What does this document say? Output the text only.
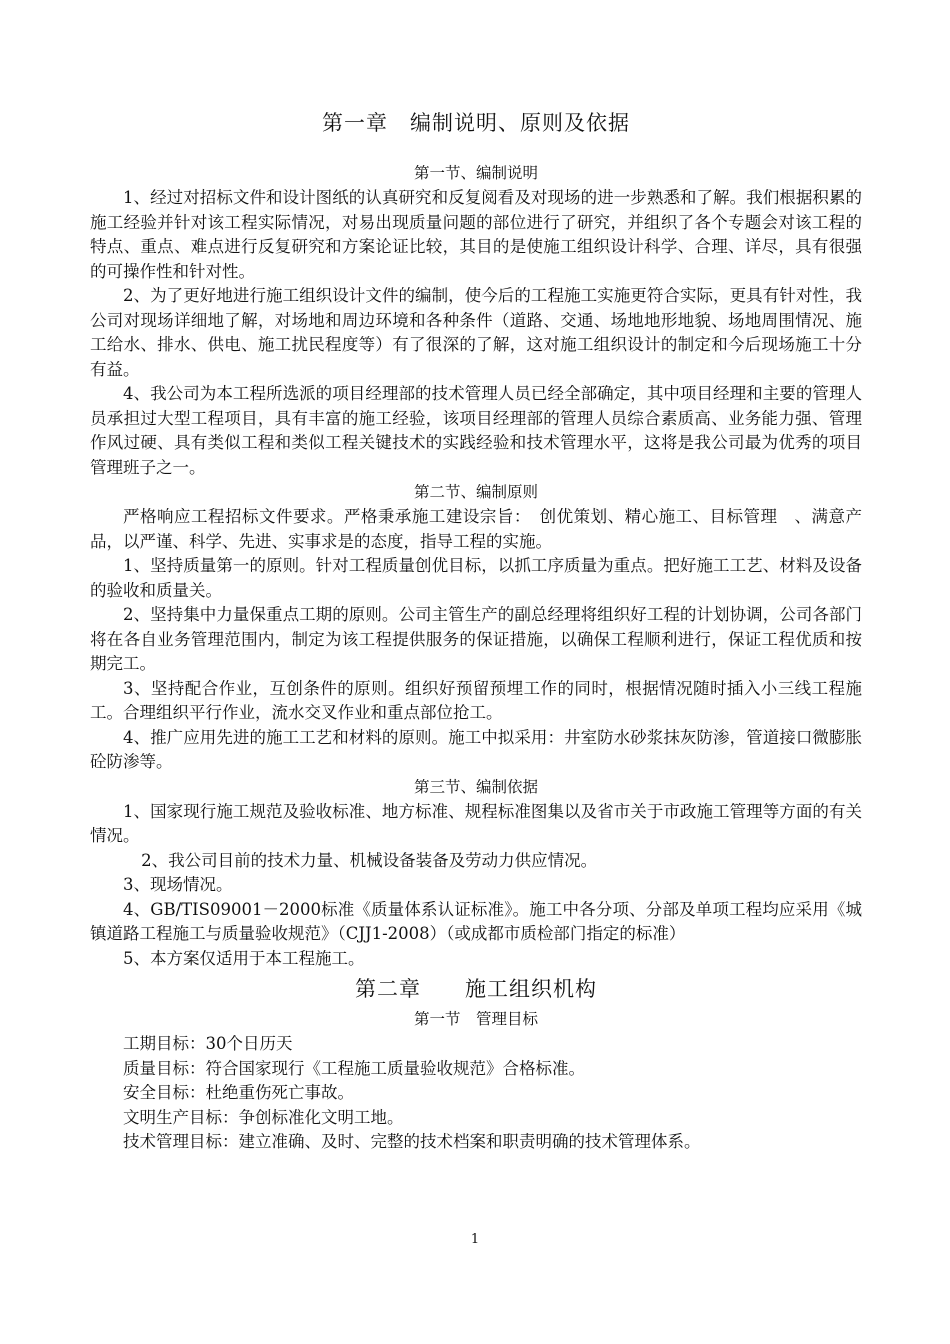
第一章　编制说明、原则及依据
第一节、编制说明

1、经过对招标文件和设计图纸的认真研究和反复阅看及对现场的进一步熟悉和了解。我们根据积累的施工经验并针对该工程实际情况，对易出现质量问题的部位进行了研究，并组织了各个专题会对该工程的特点、重点、难点进行反复研究和方案论证比较，其目的是使施工组织设计科学、合理、详尽，具有很强的可操作性和针对性。

2、为了更好地进行施工组织设计文件的编制，使今后的工程施工实施更符合实际，更具有针对性，我公司对现场详细地了解，对场地和周边环境和各种条件（道路、交通、场地地形地貌、场地周围情况、施工给水、排水、供电、施工扰民程度等）有了很深的了解，这对施工组织设计的制定和今后现场施工十分有益。

4、我公司为本工程所选派的项目经理部的技术管理人员已经全部确定，其中项目经理和主要的管理人员承担过大型工程项目，具有丰富的施工经验，该项目经理部的管理人员综合素质高、业务能力强、管理作风过硬、具有类似工程和类似工程关键技术的实践经验和技术管理水平，这将是我公司最为优秀的项目管理班子之一。

第二节、编制原则

严格响应工程招标文件要求。严格秉承施工建设宗旨：　创优策划、精心施工、目标管理　、满意产品，以严谨、科学、先进、实事求是的态度，指导工程的实施。

1、坚持质量第一的原则。针对工程质量创优目标，以抓工序质量为重点。把好施工工艺、材料及设备的验收和质量关。

2、坚持集中力量保重点工期的原则。公司主管生产的副总经理将组织好工程的计划协调，公司各部门将在各自业务管理范围内，制定为该工程提供服务的保证措施，以确保工程顺利进行，保证工程优质和按期完工。

3、坚持配合作业，互创条件的原则。组织好预留预埋工作的同时，根据情况随时插入小三线工程施工。合理组织平行作业，流水交叉作业和重点部位抢工。

4、推广应用先进的施工工艺和材料的原则。施工中拟采用：井室防水砂浆抹灰防渗，管道接口微膨胀砼防渗等。

第三节、编制依据

1、国家现行施工规范及验收标准、地方标准、规程标准图集以及省市关于市政施工管理等方面的有关情况。

2、我公司目前的技术力量、机械设备装备及劳动力供应情况。

3、现场情况。

4、GB/TIS09001－2000标准《质量体系认证标准》。施工中各分项、分部及单项工程均应采用《城镇道路工程施工与质量验收规范》（CJJ1-2008）（或成都市质检部门指定的标准）

5、本方案仅适用于本工程施工。

第二章　　施工组织机构
第一节　管理目标

工期目标：30个日历天

质量目标：符合国家现行《工程施工质量验收规范》合格标准。

安全目标：杜绝重伤死亡事故。

文明生产目标：争创标准化文明工地。

技术管理目标：建立准确、及时、完整的技术档案和职责明确的技术管理体系。

1
